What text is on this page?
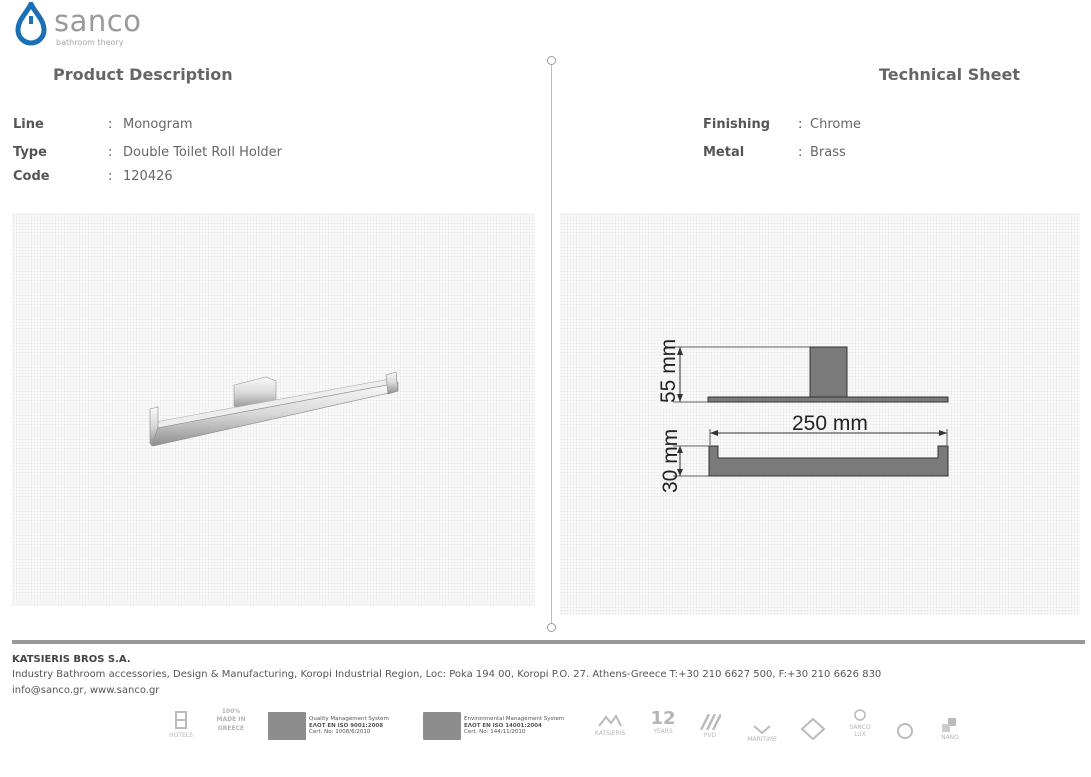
sanco
bathroom theory
Product Description	Technical Sheet
Line	: Monogram
Type	: Double Toilet Roll Holder
Code	: 120426
Finishing : Chrome
Metal	: Brass
55 mm
250 mm
30 mm
KATSIERIS BROS S.A.
Industry Bathroom accessories, Design & Manufacturing, Koropi Industrial Region, Loc: Poka 194 00, Koropi P.O. 27. Athens-Greece T:+30 210 6627 500, F:+30 210 6626 830
info@sanco.gr, www.sanco.gr
HOTELS
100% MADE IN GREECE
Quality Management System
ΕΛΟΤ EN ISO 9001:2008
Cert. No: 1008/6/2010
Environmental Management System
ΕΛΟΤ EN ISO 14001:2004
Cert. No: 144/11/2010	KATSIERIS
12
YEARS
PVD
MARITIME
SANCO LUX	NANO
